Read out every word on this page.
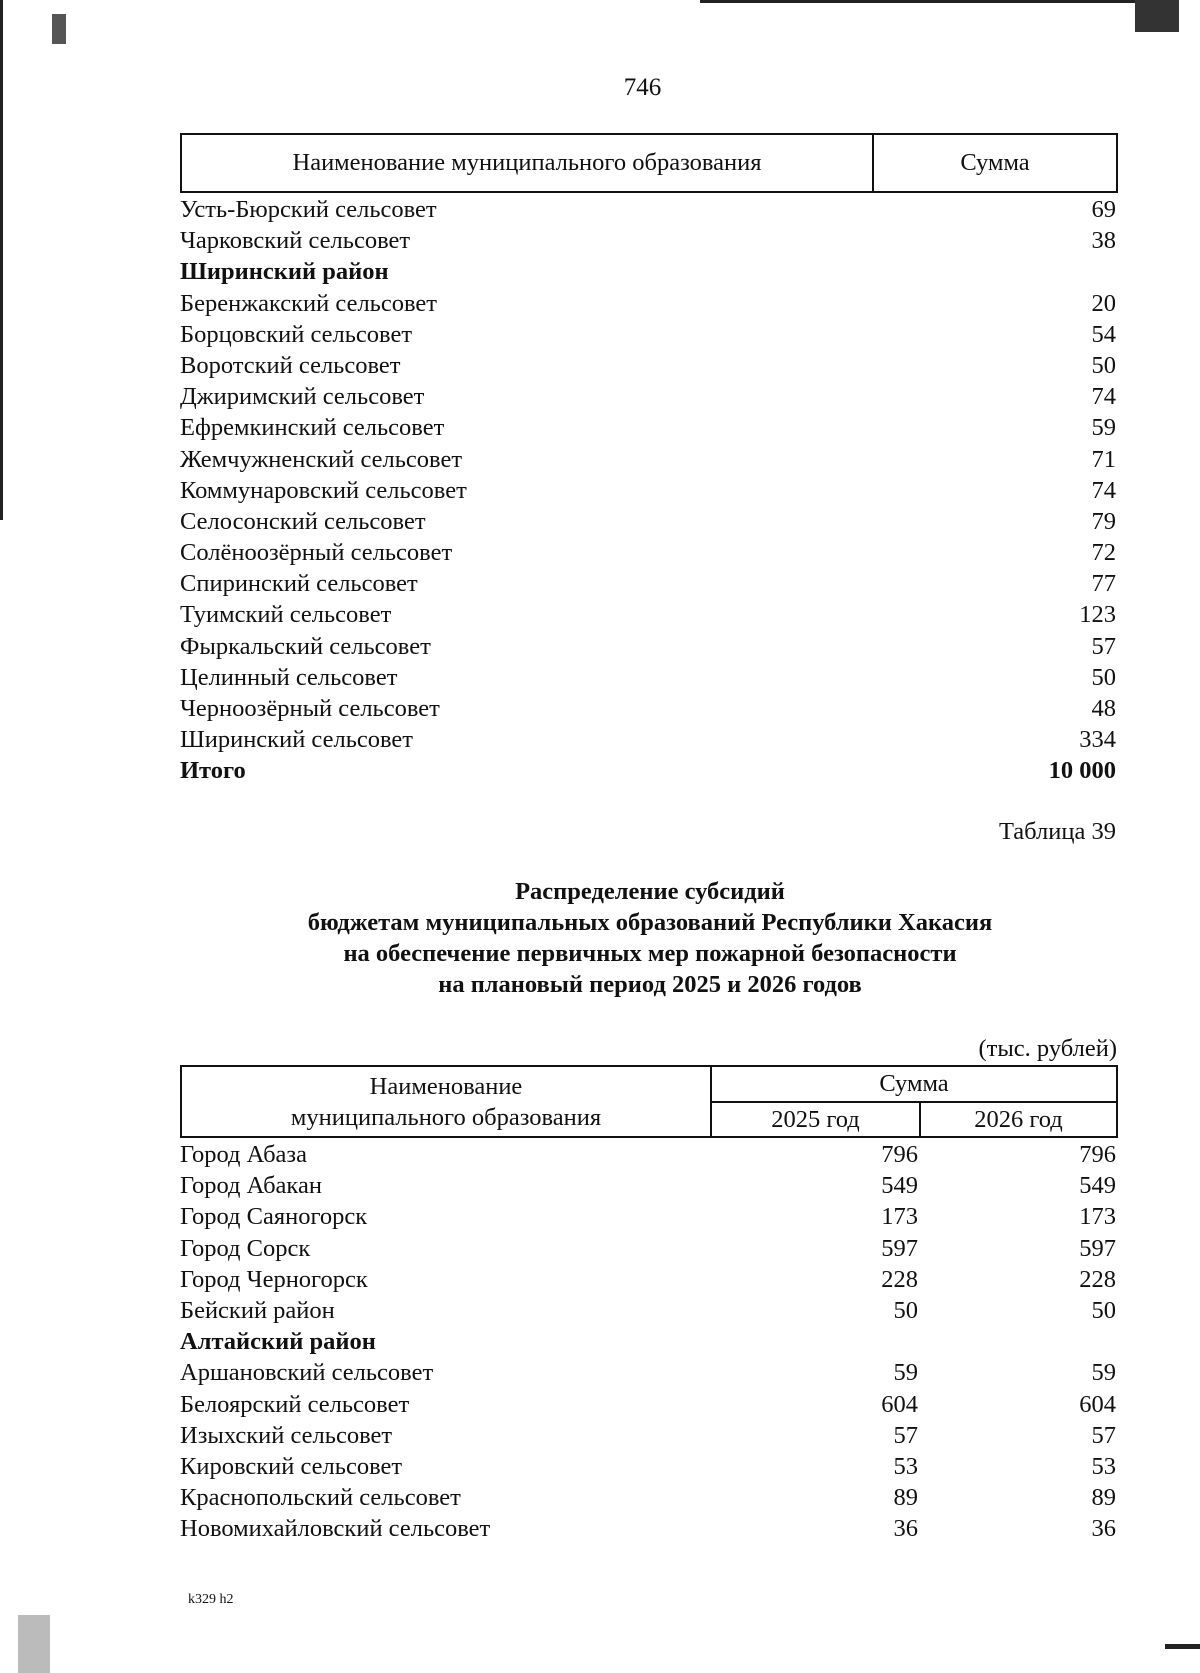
746
Наименование муниципального образования	Сумма
Усть-Бюрский сельсовет	69
Чарковский сельсовет	38
Ширинский район
Беренжакский сельсовет	20
Борцовский сельсовет	54
Воротский сельсовет	50
Джиримский сельсовет	74
Ефремкинский сельсовет	59
Жемчужненский сельсовет	71
Коммунаровский сельсовет	74
Селосонский сельсовет	79
Солёноозёрный сельсовет	72
Спиринский сельсовет	77
Туимский сельсовет	123
Фыркальский сельсовет	57
Целинный сельсовет	50
Черноозёрный сельсовет	48
Ширинский сельсовет	334
Итого	10 000
Таблица 39
Распределение субсидий
бюджетам муниципальных образований Республики Хакасия
на обеспечение первичных мер пожарной безопасности
на плановый период 2025 и 2026 годов
(тыс. рублей)
Наименование
муниципального образования
Сумма
2025 год	2026 год
Город Абаза	796	796
Город Абакан	549	549
Город Саяногорск	173	173
Город Сорск	597	597
Город Черногорск	228	228
Бейский район	50	50
Алтайский район
Аршановский сельсовет	59	59
Белоярский сельсовет	604	604
Изыхский сельсовет	57	57
Кировский сельсовет	53	53
Краснопольский сельсовет	89	89
Новомихайловский сельсовет	36	36
k329 h2
